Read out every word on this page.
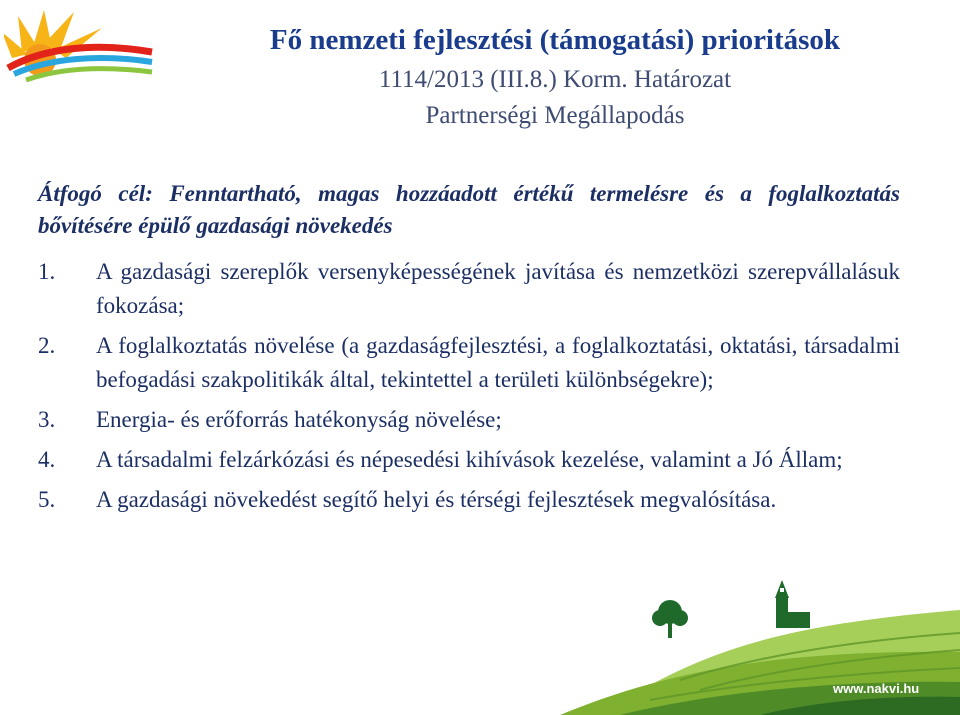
Fő nemzeti fejlesztési (támogatási) prioritások

1114/2013 (III.8.) Korm. Határozat

Partnerségi Megállapodás

Átfogó cél: Fenntartható, magas hozzáadott értékű termelésre és a foglalkoztatás bővítésére épülő gazdasági növekedés

1. A gazdasági szereplők versenyképességének javítása és nemzetközi szerepvállalásuk fokozása;
2. A foglalkoztatás növelése (a gazdaságfejlesztési, a foglalkoztatási, oktatási, társadalmi befogadási szakpolitikák által, tekintettel a területi különbségekre);
3. Energia- és erőforrás hatékonyság növelése;
4. A társadalmi felzárkózási és népesedési kihívások kezelése, valamint a Jó Állam;
5. A gazdasági növekedést segítő helyi és térségi fejlesztések megvalósítása.
www.nakvi.hu
